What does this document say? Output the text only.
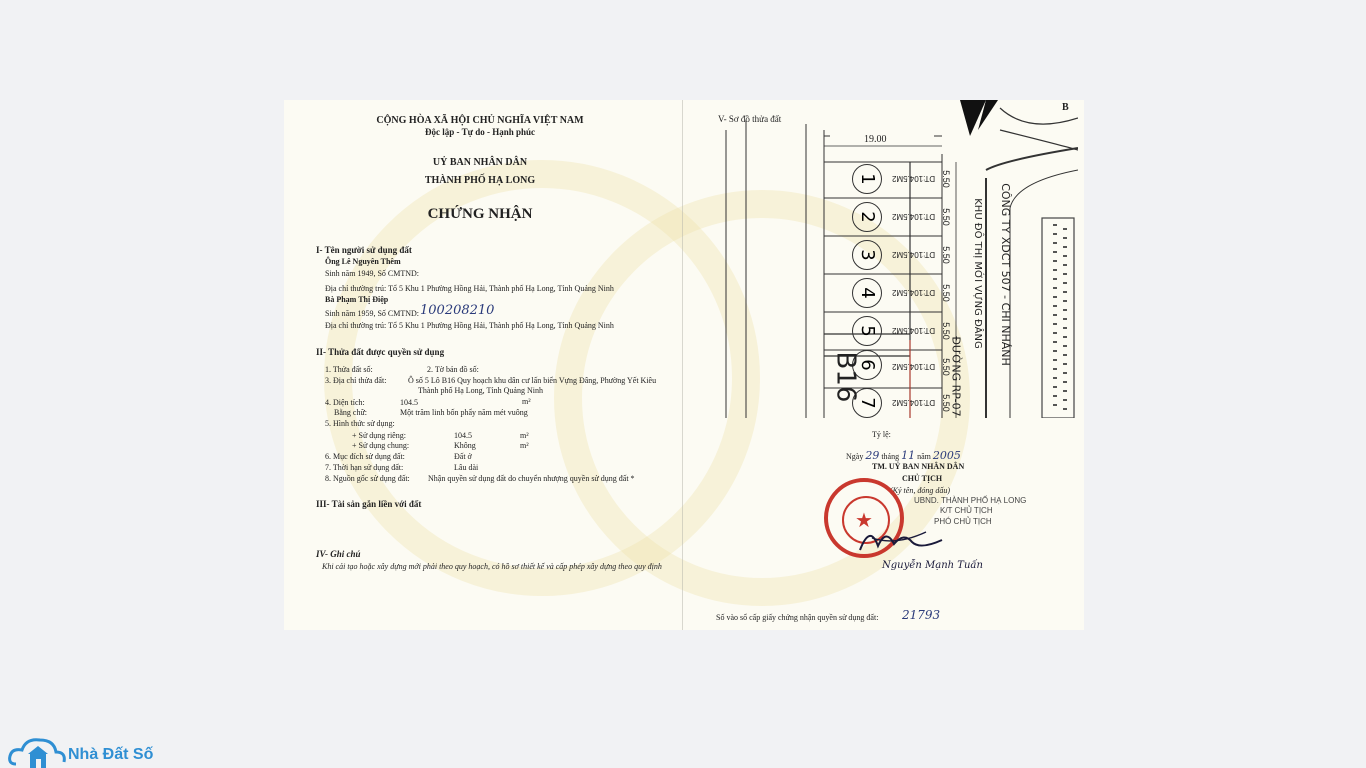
CỘNG HÒA XÃ HỘI CHỦ NGHĨA VIỆT NAM
Độc lập - Tự do - Hạnh phúc
UỶ BAN NHÂN DÂN
THÀNH PHỐ HẠ LONG
CHỨNG NHẬN
I- Tên người sử dụng đất
Ông Lê Nguyên Thêm
Sinh năm 1949, Số CMTND:
Địa chỉ thường trú: Tổ 5 Khu 1 Phường Hồng Hải, Thành phố Hạ Long, Tỉnh Quảng Ninh
Bà Phạm Thị Điệp
Sinh năm 1959, Số CMTND: 100208210
Địa chỉ thường trú: Tổ 5 Khu 1 Phường Hồng Hải, Thành phố Hạ Long, Tỉnh Quảng Ninh
II- Thửa đất được quyền sử dụng
1. Thửa đất số:	2. Tờ bản đồ số:
3. Địa chỉ thửa đất:	Ô số 5 Lô B16 Quy hoạch khu dân cư lấn biển Vựng Đâng, Phường Yết Kiêu
Thành phố Hạ Long, Tỉnh Quảng Ninh
4. Diện tích:	104.5	m²
Bằng chữ:	Một trăm linh bốn phẩy năm mét vuông
5. Hình thức sử dụng:
+ Sử dụng riêng:	104.5	m²
+ Sử dụng chung:	Không	m²
6. Mục đích sử dụng đất:	Đất ở
7. Thời hạn sử dụng đất:	Lâu dài
8. Nguồn gốc sử dụng đất: Nhận quyền sử dụng đất do chuyển nhượng quyền sử dụng đất *
III- Tài sản gắn liền với đất
IV- Ghi chú
Khi cải tạo hoặc xây dựng mới phải theo quy hoạch, có hồ sơ thiết kế và cấp phép xây dựng theo quy định
V- Sơ đồ thửa đất
19.00
B
1
2
3
4
5
6
7
B16
DT:104.5M2
DT:104.5M2
DT:104.5M2
DT:104.5M2
DT:104.5M2
DT:104.5M2
DT:104.5M2
5.50
5.50
5.50
5.50
5.50
5.50
5.50
ĐƯỜNG RP-07
CÔNG TY XDCT 507 - CHI NHÁNH
KHU ĐÔ THỊ MỚI VỰNG ĐÂNG
Tỷ lệ:
Ngày 29 tháng 11 năm 2005
TM. UỶ BAN NHÂN DÂN
CHỦ TỊCH
(Ký tên, đóng dấu)
★
UBND. THÀNH PHỐ HẠ LONG
K/T CHỦ TỊCH
PHÓ CHỦ TỊCH
Nguyễn Mạnh Tuấn
Số vào sổ cấp giấy chứng nhận quyền sử dụng đất: 21793
Nhà Đất Số
